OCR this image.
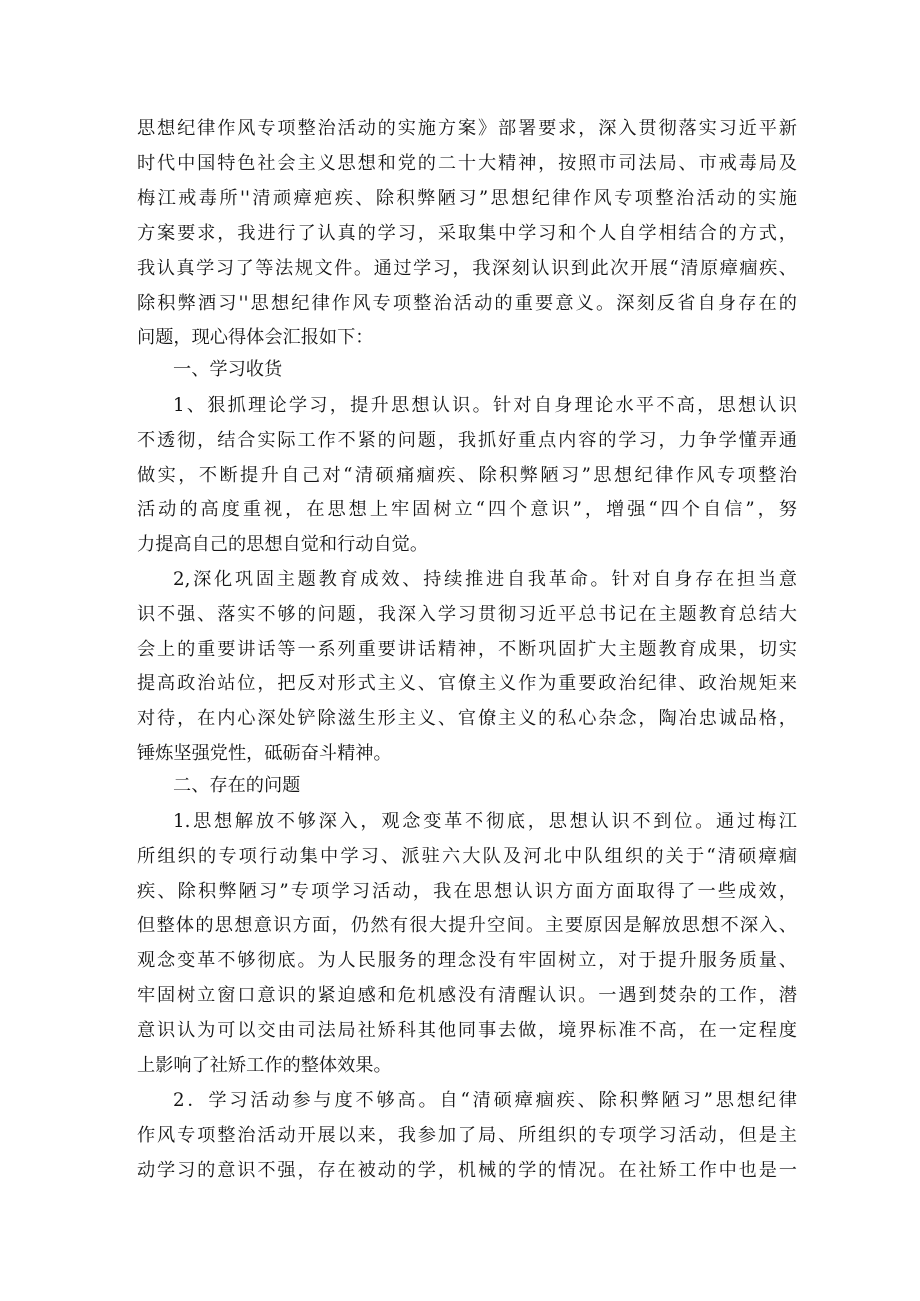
思想纪律作风专项整治活动的实施方案》部署要求，深入贯彻落实习近平新
时代中国特色社会主义思想和党的二十大精神，按照市司法局、市戒毒局及
梅江戒毒所''清顽瘴疤疾、除积弊陋习”思想纪律作风专项整治活动的实施
方案要求，我进行了认真的学习，采取集中学习和个人自学相结合的方式，
我认真学习了等法规文件。通过学习，我深刻认识到此次开展“清原瘴痼疾、
除积弊酒习''思想纪律作风专项整治活动的重要意义。深刻反省自身存在的
问题，现心得体会汇报如下：
一、学习收货
1、狠抓理论学习，提升思想认识。针对自身理论水平不高，思想认识
不透彻，结合实际工作不紧的问题，我抓好重点内容的学习，力争学懂弄通
做实，不断提升自己对“清硕痛痼疾、除积弊陋习”思想纪律作风专项整治
活动的高度重视，在思想上牢固树立“四个意识”，增强“四个自信”，努
力提高自己的思想自觉和行动自觉。
2,深化巩固主题教育成效、持续推进自我革命。针对自身存在担当意
识不强、落实不够的问题，我深入学习贯彻习近平总书记在主题教育总结大
会上的重要讲话等一系列重要讲话精神，不断巩固扩大主题教育成果，切实
提高政治站位，把反对形式主义、官僚主义作为重要政治纪律、政治规矩来
对待，在内心深处铲除滋生形主义、官僚主义的私心杂念，陶冶忠诚品格，
锤炼坚强党性，砥砺奋斗精神。
二、存在的问题
1.思想解放不够深入，观念变革不彻底，思想认识不到位。通过梅江
所组织的专项行动集中学习、派驻六大队及河北中队组织的关于“清硕瘴痼
疾、除积弊陋习”专项学习活动，我在思想认识方面方面取得了一些成效，
但整体的思想意识方面，仍然有很大提升空间。主要原因是解放思想不深入、
观念变革不够彻底。为人民服务的理念没有牢固树立，对于提升服务质量、
牢固树立窗口意识的紧迫感和危机感没有清醒认识。一遇到焚杂的工作，潜
意识认为可以交由司法局社矫科其他同事去做，境界标准不高，在一定程度
上影响了社矫工作的整体效果。
2．学习活动参与度不够高。自“清硕瘴痼疾、除积弊陋习”思想纪律
作风专项整治活动开展以来，我参加了局、所组织的专项学习活动，但是主
动学习的意识不强，存在被动的学，机械的学的情况。在社矫工作中也是一
